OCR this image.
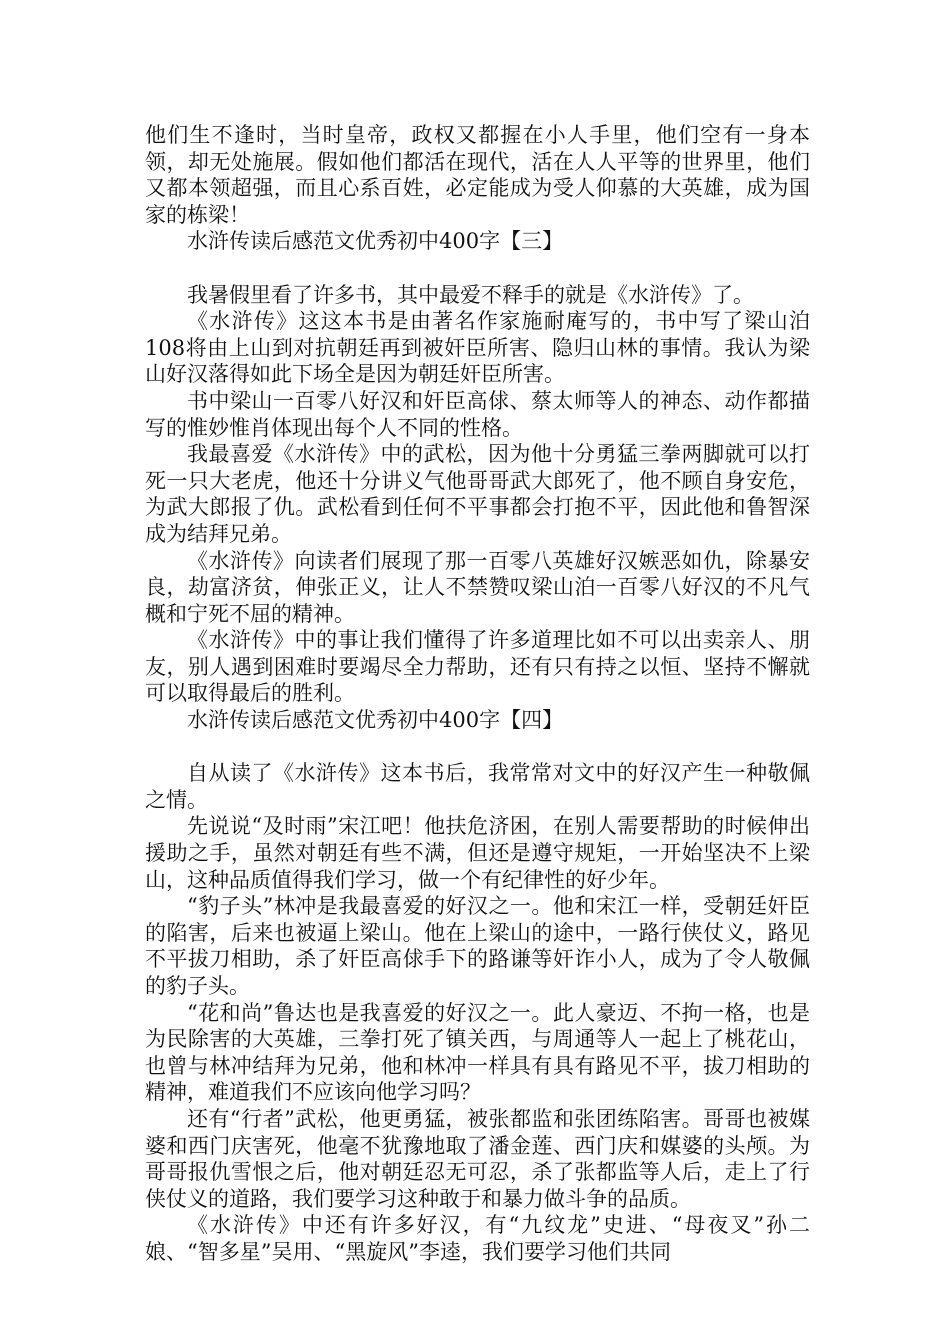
他们生不逢时，当时皇帝，政权又都握在小人手里，他们空有一身本领，却无处施展。假如他们都活在现代，活在人人平等的世界里，他们又都本领超强，而且心系百姓，必定能成为受人仰慕的大英雄，成为国家的栋梁！

水浒传读后感范文优秀初中400字【三】

我暑假里看了许多书，其中最爱不释手的就是《水浒传》了。

《水浒传》这这本书是由著名作家施耐庵写的，书中写了梁山泊108将由上山到对抗朝廷再到被奸臣所害、隐归山林的事情。我认为梁山好汉落得如此下场全是因为朝廷奸臣所害。

书中梁山一百零八好汉和奸臣高俅、蔡太师等人的神态、动作都描写的惟妙惟肖体现出每个人不同的性格。

我最喜爱《水浒传》中的武松，因为他十分勇猛三拳两脚就可以打死一只大老虎，他还十分讲义气他哥哥武大郎死了，他不顾自身安危，为武大郎报了仇。武松看到任何不平事都会打抱不平，因此他和鲁智深成为结拜兄弟。

《水浒传》向读者们展现了那一百零八英雄好汉嫉恶如仇，除暴安良，劫富济贫，伸张正义，让人不禁赞叹梁山泊一百零八好汉的不凡气概和宁死不屈的精神。

《水浒传》中的事让我们懂得了许多道理比如不可以出卖亲人、朋友，别人遇到困难时要竭尽全力帮助，还有只有持之以恒、坚持不懈就可以取得最后的胜利。

水浒传读后感范文优秀初中400字【四】

自从读了《水浒传》这本书后，我常常对文中的好汉产生一种敬佩之情。

先说说“及时雨”宋江吧！他扶危济困，在别人需要帮助的时候伸出援助之手，虽然对朝廷有些不满，但还是遵守规矩，一开始坚决不上梁山，这种品质值得我们学习，做一个有纪律性的好少年。

“豹子头”林冲是我最喜爱的好汉之一。他和宋江一样，受朝廷奸臣的陷害，后来也被逼上梁山。他在上梁山的途中，一路行侠仗义，路见不平拔刀相助，杀了奸臣高俅手下的路谦等奸诈小人，成为了令人敬佩的豹子头。

“花和尚”鲁达也是我喜爱的好汉之一。此人豪迈、不拘一格，也是为民除害的大英雄，三拳打死了镇关西，与周通等人一起上了桃花山，也曾与林冲结拜为兄弟，他和林冲一样具有具有路见不平，拔刀相助的精神，难道我们不应该向他学习吗？

还有“行者”武松，他更勇猛，被张都监和张团练陷害。哥哥也被媒婆和西门庆害死，他毫不犹豫地取了潘金莲、西门庆和媒婆的头颅。为哥哥报仇雪恨之后，他对朝廷忍无可忍，杀了张都监等人后，走上了行侠仗义的道路，我们要学习这种敢于和暴力做斗争的品质。

《水浒传》中还有许多好汉，有“九纹龙”史进、“母夜叉”孙二娘、“智多星”吴用、“黑旋风”李逵，我们要学习他们共同
